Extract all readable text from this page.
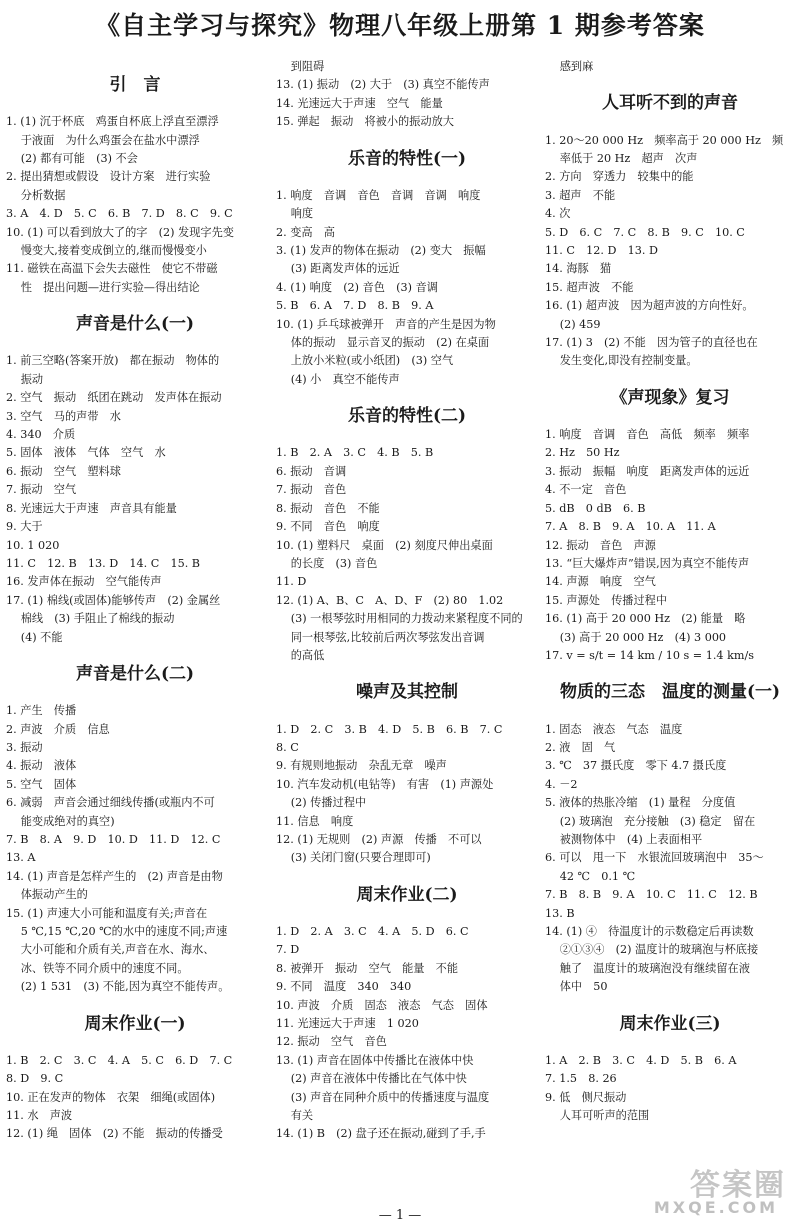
《自主学习与探究》物理八年级上册第 1 期参考答案
引　言
1. (1) 沉于杯底　鸡蛋自杯底上浮直至漂浮
　 于液面　为什么鸡蛋会在盐水中漂浮
　 (2) 都有可能　(3) 不会
2. 提出猜想或假设　设计方案　进行实验
　 分析数据
3. A　4. D　5. C　6. B　7. D　8. C　9. C
10. (1) 可以看到放大了的字　(2) 发现字先变
　 慢变大,接着变成倒立的,继而慢慢变小
11. 磁铁在高温下会失去磁性　使它不带磁
　 性　提出问题—进行实验—得出结论
声音是什么(一)
1. 前三空略(答案开放)　都在振动　物体的
　 振动
2. 空气　振动　纸团在跳动　发声体在振动
3. 空气　马的声带　水
4. 340　介质
5. 固体　液体　气体　空气　水
6. 振动　空气　塑料球
7. 振动　空气
8. 光速远大于声速　声音具有能量
9. 大于
10. 1 020
11. C　12. B　13. D　14. C　15. B
16. 发声体在振动　空气能传声
17. (1) 棉线(或固体)能够传声　(2) 金属丝
　 棉线　(3) 手阻止了棉线的振动
　 (4) 不能
声音是什么(二)
1. 产生　传播
2. 声波　介质　信息
3. 振动
4. 振动　液体
5. 空气　固体
6. 减弱　声音会通过细线传播(或瓶内不可
　 能变成绝对的真空)
7. B　8. A　9. D　10. D　11. D　12. C
13. A
14. (1) 声音是怎样产生的　(2) 声音是由物
　 体振动产生的
15. (1) 声速大小可能和温度有关;声音在
　 5 ℃,15 ℃,20 ℃的水中的速度不同;声速
　 大小可能和介质有关,声音在水、海水、
　 冰、铁等不同介质中的速度不同。
　 (2) 1 531　(3) 不能,因为真空不能传声。
周末作业(一)
1. B　2. C　3. C　4. A　5. C　6. D　7. C
8. D　9. C
10. 正在发声的物体　衣架　细绳(或固体)
11. 水　声波
12. (1) 绳　固体　(2) 不能　振动的传播受
　 到阻碍
13. (1) 振动　(2) 大于　(3) 真空不能传声
14. 光速远大于声速　空气　能量
15. 弹起　振动　将被小的振动放大
乐音的特性(一)
1. 响度　音调　音色　音调　音调　响度
　 响度
2. 变高　高
3. (1) 发声的物体在振动　(2) 变大　振幅
　 (3) 距离发声体的远近
4. (1) 响度　(2) 音色　(3) 音调
5. B　6. A　7. D　8. B　9. A
10. (1) 乒乓球被弹开　声音的产生是因为物
　 体的振动　显示音叉的振动　(2) 在桌面
　 上放小米粒(或小纸团)　(3) 空气
　 (4) 小　真空不能传声
乐音的特性(二)
1. B　2. A　3. C　4. B　5. B
6. 振动　音调
7. 振动　音色
8. 振动　音色　不能
9. 不同　音色　响度
10. (1) 塑料尺　桌面　(2) 刻度尺伸出桌面
　 的长度　(3) 音色
11. D
12. (1) A、B、C　A、D、F　(2) 80　1.02
　 (3) 一根琴弦时用相同的力拨动来紧程度不同的
　 同一根琴弦,比较前后两次琴弦发出音调
　 的高低
噪声及其控制
1. D　2. C　3. B　4. D　5. B　6. B　7. C
8. C
9. 有规则地振动　杂乱无章　噪声
10. 汽车发动机(电钻等)　有害　(1) 声源处
　 (2) 传播过程中
11. 信息　响度
12. (1) 无规则　(2) 声源　传播　不可以
　 (3) 关闭门窗(只要合理即可)
周末作业(二)
1. D　2. A　3. C　4. A　5. D　6. C
7. D
8. 被弹开　振动　空气　能量　不能
9. 不同　温度　340　340
10. 声波　介质　固态　液态　气态　固体
11. 光速远大于声速　1 020
12. 振动　空气　音色
13. (1) 声音在固体中传播比在液体中快
　 (2) 声音在液体中传播比在气体中快
　 (3) 声音在同种介质中的传播速度与温度
　 有关
14. (1) B　(2) 盘子还在振动,碰到了手,手
　 感到麻
人耳听不到的声音
1. 20～20 000 Hz　频率高于 20 000 Hz　频
　 率低于 20 Hz　超声　次声
2. 方向　穿透力　较集中的能
3. 超声　不能
4. 次
5. D　6. C　7. C　8. B　9. C　10. C
11. C　12. D　13. D
14. 海豚　猫
15. 超声波　不能
16. (1) 超声波　因为超声波的方向性好。
　 (2) 459
17. (1) 3　(2) 不能　因为管子的直径也在
　 发生变化,即没有控制变量。
《声现象》复习
1. 响度　音调　音色　高低　频率　频率
2. Hz　50 Hz
3. 振动　振幅　响度　距离发声体的远近
4. 不一定　音色
5. dB　0 dB　6. B
7. A　8. B　9. A　10. A　11. A
12. 振动　音色　声源
13. “巨大爆炸声”错误,因为真空不能传声
14. 声源　响度　空气
15. 声源处　传播过程中
16. (1) 高于 20 000 Hz　(2) 能量　略
　 (3) 高于 20 000 Hz　(4) 3 000
17. v = s/t = 14 km / 10 s = 1.4 km/s
物质的三态　温度的测量(一)
1. 固态　液态　气态　温度
2. 液　固　气
3. ℃　37 摄氏度　零下 4.7 摄氏度
4. －2
5. 液体的热胀冷缩　(1) 量程　分度值
　 (2) 玻璃泡　充分接触　(3) 稳定　留在
　 被测物体中　(4) 上表面相平
6. 可以　甩一下　水银流回玻璃泡中　35～
　 42 ℃　0.1 ℃
7. B　8. B　9. A　10. C　11. C　12. B
13. B
14. (1) ④　待温度计的示数稳定后再读数
　 ②①③④　(2) 温度计的玻璃泡与杯底接
　 触了　温度计的玻璃泡没有继续留在液
　 体中　50
周末作业(三)
1. A　2. B　3. C　4. D　5. B　6. A
7. 1.5　8. 26
9. 低　侧尺振动
　 人耳可听声的范围
答案圈
MXQE.COM
— 1 —
